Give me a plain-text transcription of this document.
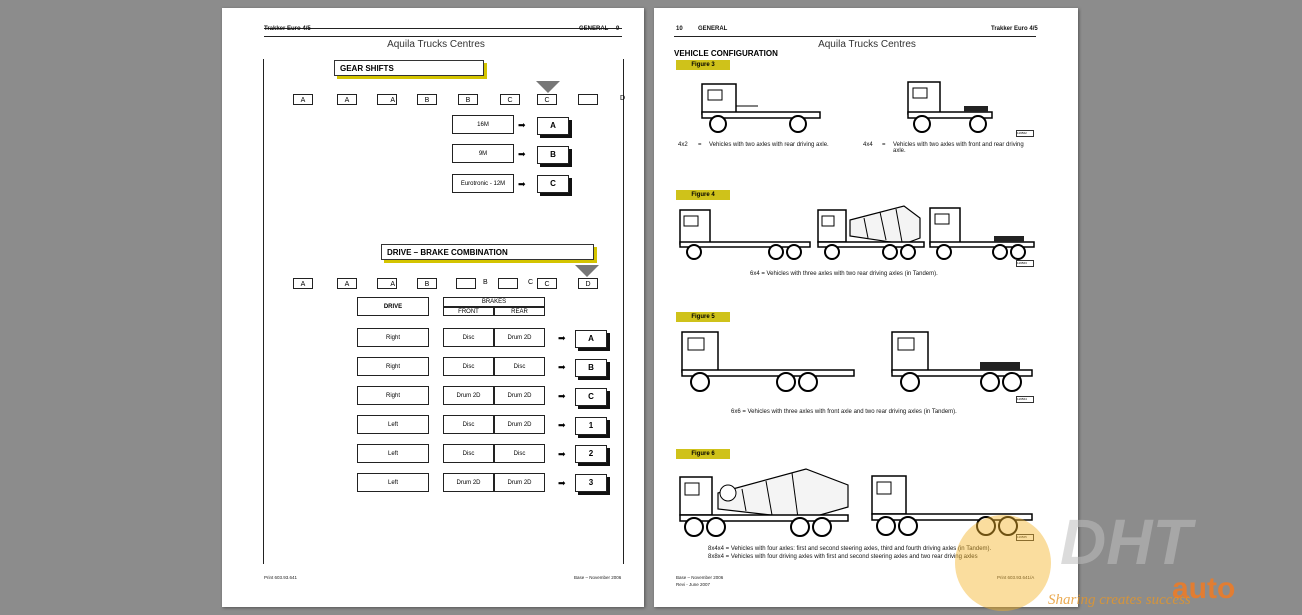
Trakker Euro 4/5	GENERAL 9
Aquila Trucks Centres
GEAR SHIFTS
A	A	A	B	B	C	C	D
16M	➡	A
9M	➡	B
Eurotronic - 12M	➡	C
DRIVE – BRAKE COMBINATION
A	A	A	B	B	C	C	D
DRIVE
BRAKES
FRONT	REAR
Right	Disc	Drum 2D	➡	A
Right	Disc	Disc	➡	B
Right	Drum 2D	Drum 2D	➡	C
Left	Disc	Drum 2D	➡	1
Left	Disc	Disc	➡	2
Left	Drum 2D	Drum 2D	➡	3
Print 603.93.641	Base – November 2006
10	GENERAL	Trakker Euro 4/5
Aquila Trucks Centres
VEHICLE CONFIGURATION
Figure 3
119562
4x2 = Vehicles with two axles with rear driving axle.	4x4 = Vehicles with two axles with front and rear driving axle.
Figure 4
119563
6x4 = Vehicles with three axles with two rear driving axles (in Tandem).
Figure 5
119564
6x6 = Vehicles with three axles with front axle and two rear driving axles (in Tandem).
Figure 6
119565
8x4x4 = Vehicles with four axles: first and second steering axles, third and fourth driving axles (in Tandem).
8x8x4 = Vehicles with four driving axles with first and second steering axles and two rear driving axles
Base – November 2006
Revi - June 2007
Print 603.93.641/A DHT
auto
Sharing creates success
